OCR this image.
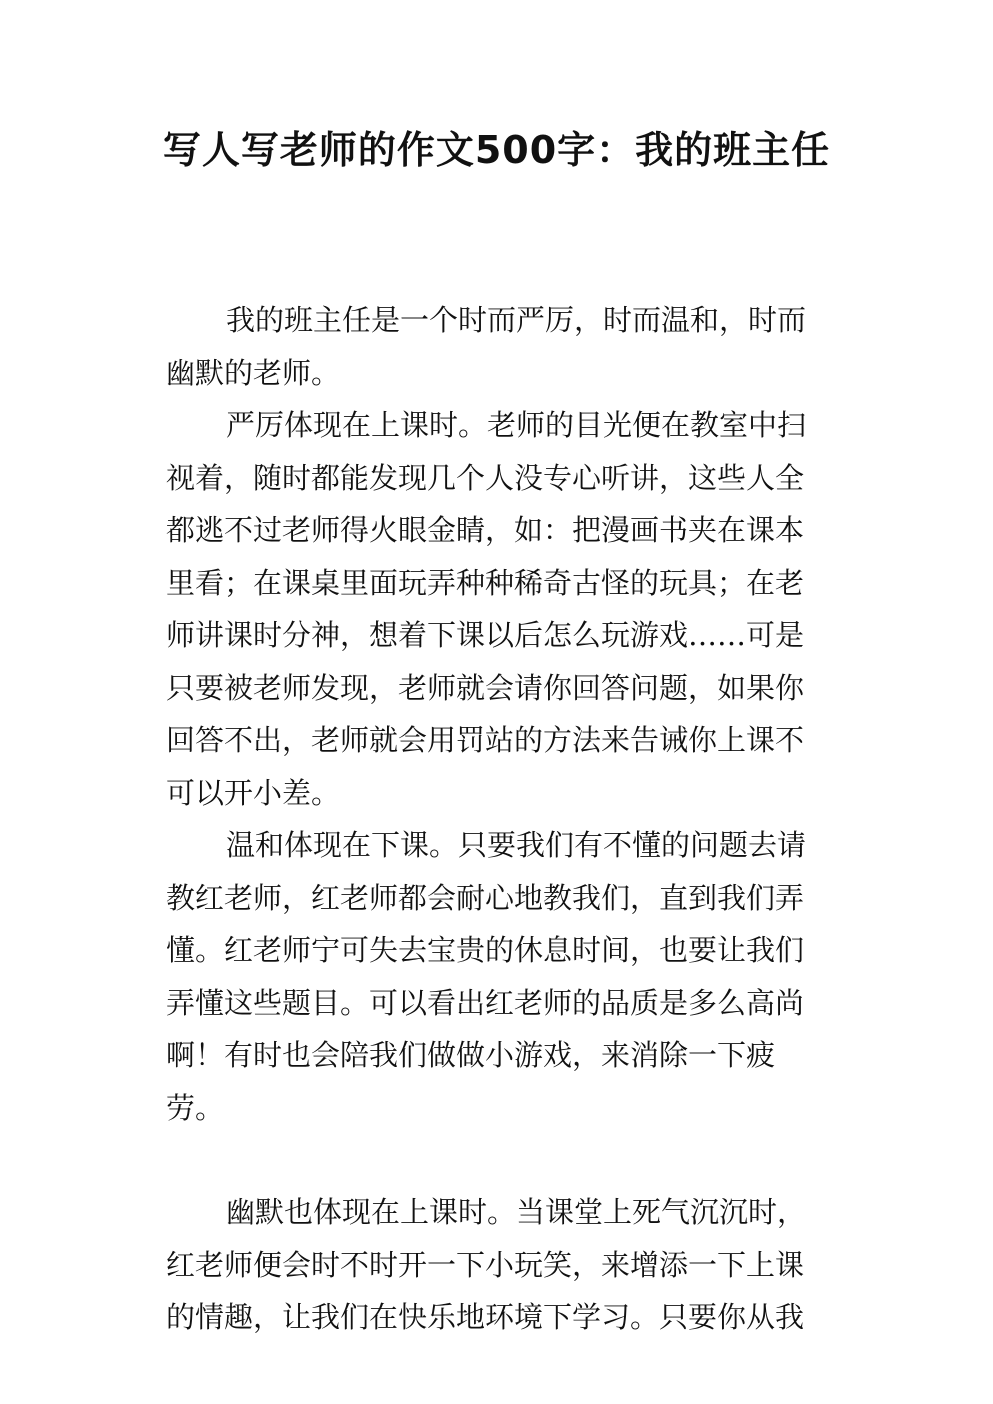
写人写老师的作文500字：我的班主任

我的班主任是一个时而严厉，时而温和，时而幽默的老师。

严厉体现在上课时。老师的目光便在教室中扫视着，随时都能发现几个人没专心听讲，这些人全都逃不过老师得火眼金睛，如：把漫画书夹在课本里看；在课桌里面玩弄种种稀奇古怪的玩具；在老师讲课时分神，想着下课以后怎么玩游戏……可是只要被老师发现，老师就会请你回答问题，如果你回答不出，老师就会用罚站的方法来告诫你上课不可以开小差。

温和体现在下课。只要我们有不懂的问题去请教红老师，红老师都会耐心地教我们，直到我们弄懂。红老师宁可失去宝贵的休息时间，也要让我们弄懂这些题目。可以看出红老师的品质是多么高尚啊！有时也会陪我们做做小游戏，来消除一下疲劳。

幽默也体现在上课时。当课堂上死气沉沉时，红老师便会时不时开一下小玩笑，来增添一下上课的情趣，让我们在快乐地环境下学习。只要你从我
